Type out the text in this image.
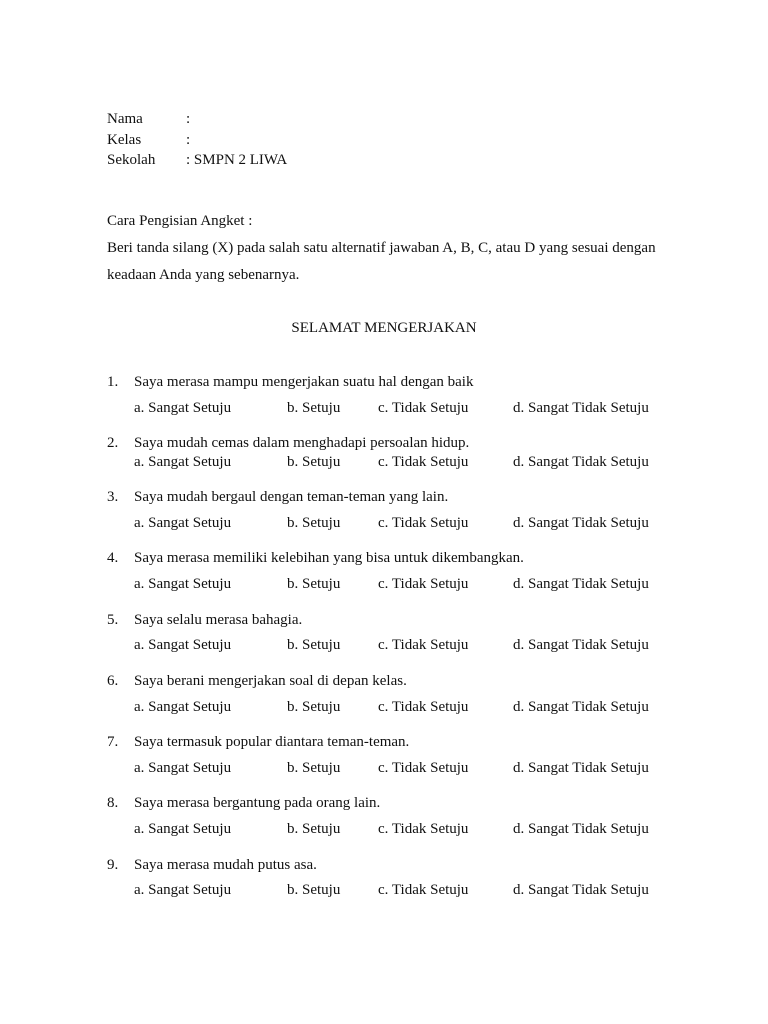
Nama	:
Kelas	:
Sekolah : SMPN 2 LIWA
Cara Pengisian Angket :
Beri tanda silang (X) pada salah satu alternatif jawaban A, B, C, atau D yang sesuai dengan
keadaan Anda yang sebenarnya.
SELAMAT MENGERJAKAN
1. Saya merasa mampu mengerjakan suatu hal dengan baik
a. Sangat Setuju	b. Setuju	c. Tidak Setuju	d. Sangat Tidak Setuju
2. Saya mudah cemas dalam menghadapi persoalan hidup.
a. Sangat Setuju	b. Setuju	c. Tidak Setuju	d. Sangat Tidak Setuju
3. Saya mudah bergaul dengan teman-teman yang lain.
a. Sangat Setuju	b. Setuju	c. Tidak Setuju	d. Sangat Tidak Setuju
4. Saya merasa memiliki kelebihan yang bisa untuk dikembangkan.
a. Sangat Setuju	b. Setuju	c. Tidak Setuju	d. Sangat Tidak Setuju
5. Saya selalu merasa bahagia.
a. Sangat Setuju	b. Setuju	c. Tidak Setuju	d. Sangat Tidak Setuju
6. Saya berani mengerjakan soal di depan kelas.
a. Sangat Setuju	b. Setuju	c. Tidak Setuju	d. Sangat Tidak Setuju
7. Saya termasuk popular diantara teman-teman.
a. Sangat Setuju	b. Setuju	c. Tidak Setuju	d. Sangat Tidak Setuju
8. Saya merasa bergantung pada orang lain.
a. Sangat Setuju	b. Setuju	c. Tidak Setuju	d. Sangat Tidak Setuju
9. Saya merasa mudah putus asa.
a. Sangat Setuju	b. Setuju	c. Tidak Setuju	d. Sangat Tidak Setuju
